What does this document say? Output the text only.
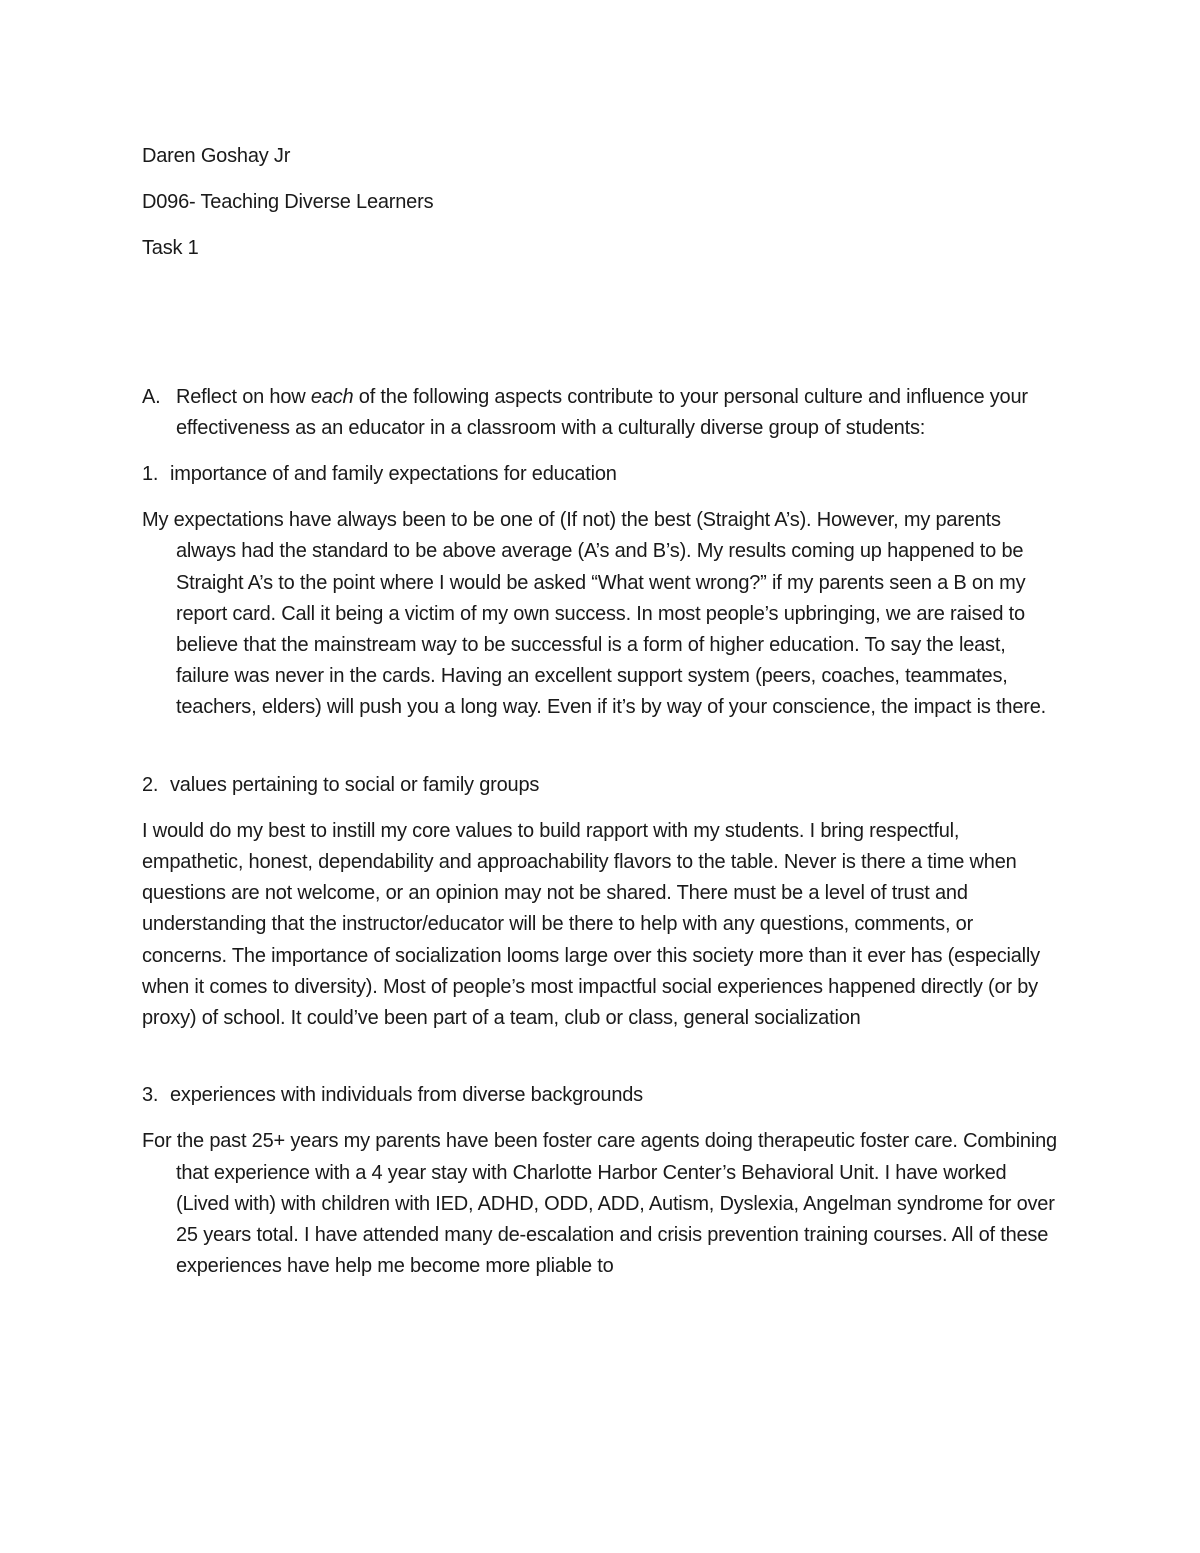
Daren Goshay Jr

D096- Teaching Diverse Learners

Task 1

A. Reflect on how each of the following aspects contribute to your personal culture and influence your effectiveness as an educator in a classroom with a culturally diverse group of students:
1. importance of and family expectations for education

My expectations have always been to be one of (If not) the best (Straight A’s). However, my parents always had the standard to be above average (A’s and B’s). My results coming up happened to be Straight A’s to the point where I would be asked “What went wrong?” if my parents seen a B on my report card. Call it being a victim of my own success. In most people’s upbringing, we are raised to believe that the mainstream way to be successful is a form of higher education. To say the least, failure was never in the cards. Having an excellent support system (peers, coaches, teammates, teachers, elders) will push you a long way. Even if it’s by way of your conscience, the impact is there.

2. values pertaining to social or family groups

I would do my best to instill my core values to build rapport with my students. I bring respectful, empathetic, honest, dependability and approachability flavors to the table. Never is there a time when questions are not welcome, or an opinion may not be shared. There must be a level of trust and understanding that the instructor/educator will be there to help with any questions, comments, or concerns. The importance of socialization looms large over this society more than it ever has (especially when it comes to diversity). Most of people’s most impactful social experiences happened directly (or by proxy) of school. It could’ve been part of a team, club or class, general socialization

3. experiences with individuals from diverse backgrounds

For the past 25+ years my parents have been foster care agents doing therapeutic foster care. Combining that experience with a 4 year stay with Charlotte Harbor Center’s Behavioral Unit. I have worked (Lived with) with children with IED, ADHD, ODD, ADD, Autism, Dyslexia, Angelman syndrome for over 25 years total. I have attended many de-escalation and crisis prevention training courses. All of these experiences have help me become more pliable to
